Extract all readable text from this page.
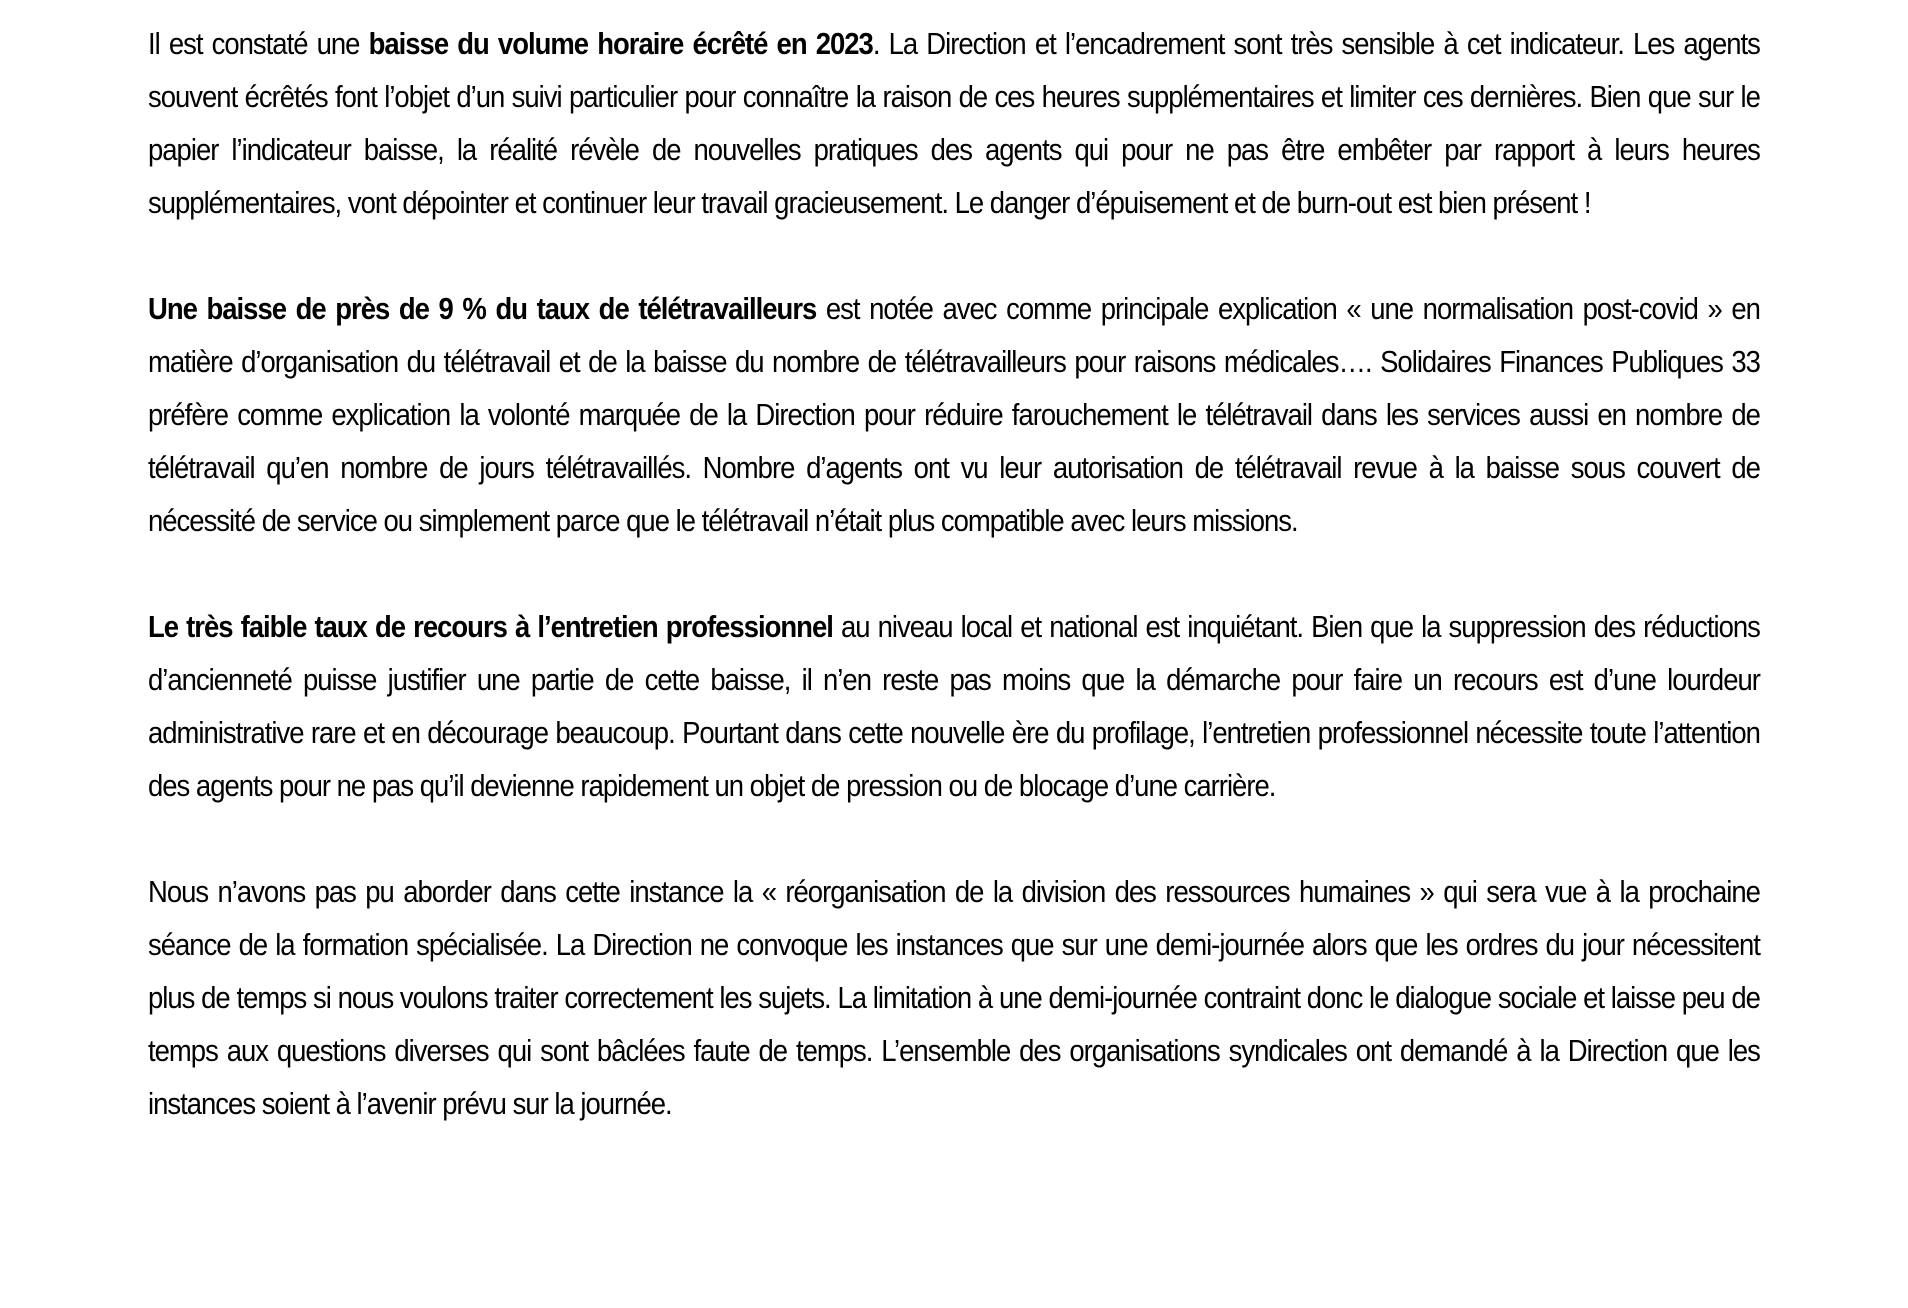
Il est constaté une baisse du volume horaire écrêté en 2023. La Direction et l’encadrement sont très sensible à cet indicateur. Les agents souvent écrêtés font l’objet d’un suivi particulier pour connaître la raison de ces heures supplémentaires et limiter ces dernières. Bien que sur le papier l’indicateur baisse, la réalité révèle de nouvelles pratiques des agents qui pour ne pas être embêter par rapport à leurs heures supplémentaires, vont dépointer et continuer leur travail gracieusement. Le danger d’épuisement et de burn-out est bien présent !

Une baisse de près de 9 % du taux de télétravailleurs est notée avec comme principale explication « une normalisation post-covid » en matière d’organisation du télétravail et de la baisse du nombre de télétravailleurs pour raisons médicales…. Solidaires Finances Publiques 33 préfère comme explication la volonté marquée de la Direction pour réduire farouchement le télétravail dans les services aussi en nombre de télétravail qu’en nombre de jours télétravaillés. Nombre d’agents ont vu leur autorisation de télétravail revue à la baisse sous couvert de nécessité de service ou simplement parce que le télétravail n’était plus compatible avec leurs missions.

Le très faible taux de recours à l’entretien professionnel au niveau local et national est inquiétant. Bien que la suppression des réductions d’ancienneté puisse justifier une partie de cette baisse, il n’en reste pas moins que la démarche pour faire un recours est d’une lourdeur administrative rare et en décourage beaucoup. Pourtant dans cette nouvelle ère du profilage, l’entretien professionnel nécessite toute l’attention des agents pour ne pas qu’il devienne rapidement un objet de pression ou de blocage d’une carrière.

Nous n’avons pas pu aborder dans cette instance la « réorganisation de la division des ressources humaines » qui sera vue à la prochaine séance de la formation spécialisée. La Direction ne convoque les instances que sur une demi-journée alors que les ordres du jour nécessitent plus de temps si nous voulons traiter correctement les sujets. La limitation à une demi-journée contraint donc le dialogue sociale et laisse peu de temps aux questions diverses qui sont bâclées faute de temps. L’ensemble des organisations syndicales ont demandé à la Direction que les instances soient à l’avenir prévu sur la journée.
